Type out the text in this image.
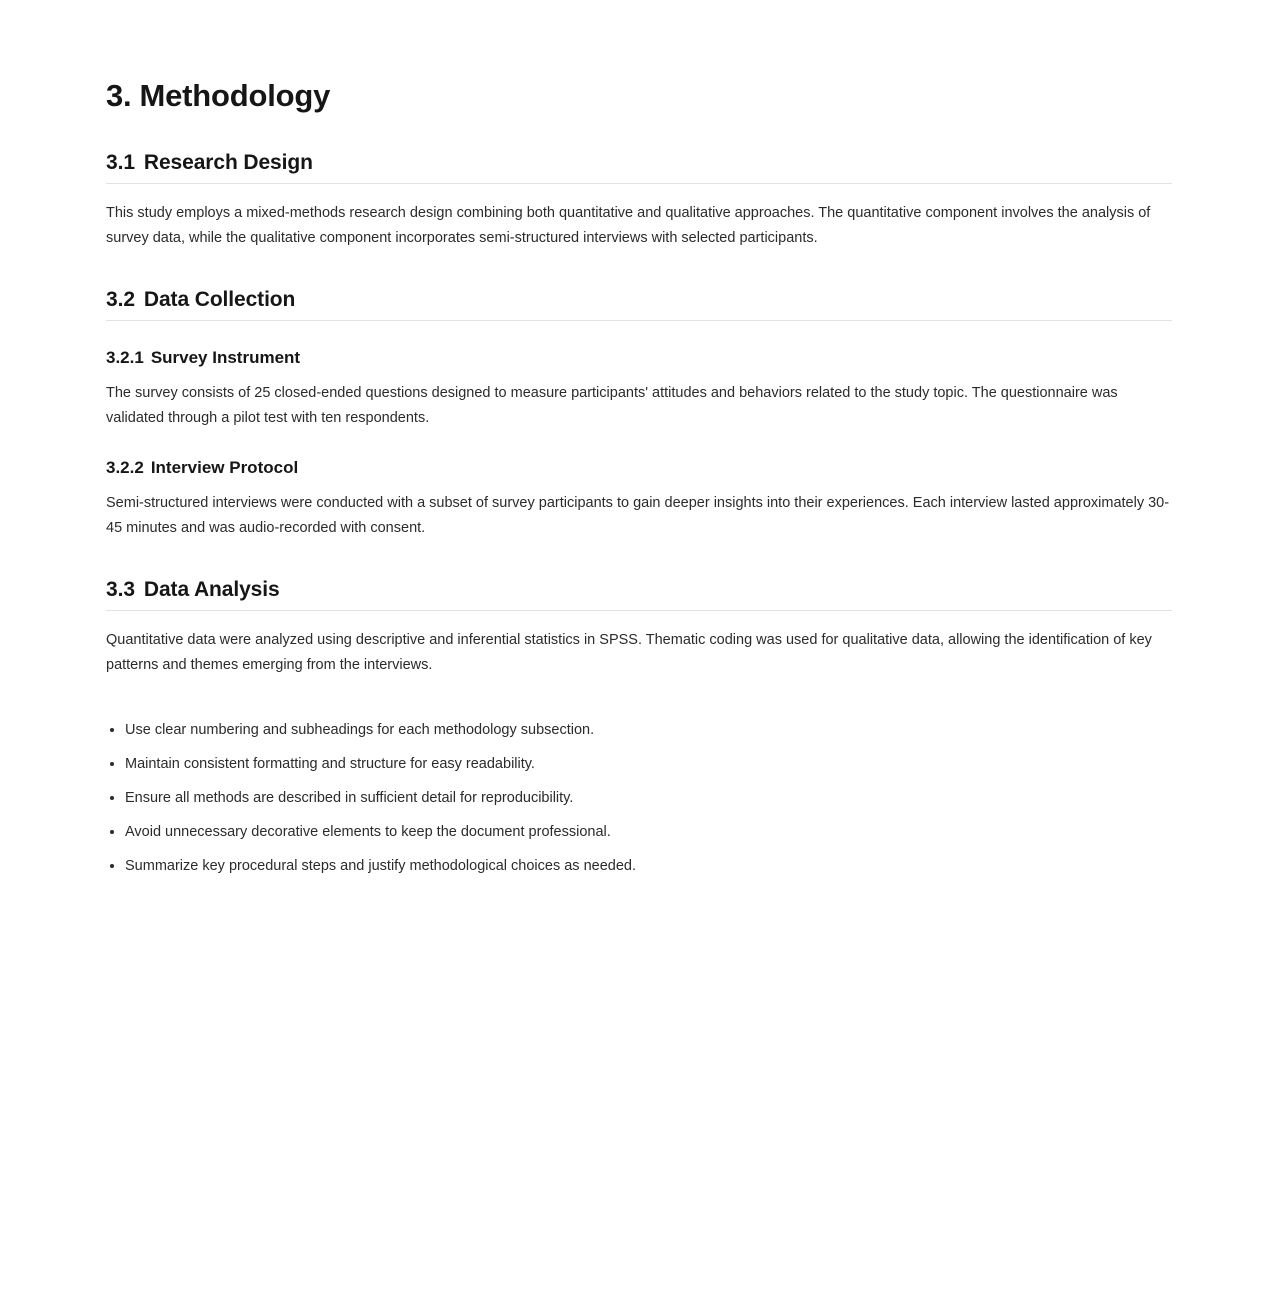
3. Methodology
3.1 Research Design

This study employs a mixed-methods research design combining both quantitative and qualitative approaches. The quantitative component involves the analysis of survey data, while the qualitative component incorporates semi-structured interviews with selected participants.

3.2 Data Collection
3.2.1 Survey Instrument

The survey consists of 25 closed-ended questions designed to measure participants' attitudes and behaviors related to the study topic. The questionnaire was validated through a pilot test with ten respondents.

3.2.2 Interview Protocol

Semi-structured interviews were conducted with a subset of survey participants to gain deeper insights into their experiences. Each interview lasted approximately 30-45 minutes and was audio-recorded with consent.

3.3 Data Analysis

Quantitative data were analyzed using descriptive and inferential statistics in SPSS. Thematic coding was used for qualitative data, allowing the identification of key patterns and themes emerging from the interviews.

• Use clear numbering and subheadings for each methodology subsection.
• Maintain consistent formatting and structure for easy readability.
• Ensure all methods are described in sufficient detail for reproducibility.
• Avoid unnecessary decorative elements to keep the document professional.
• Summarize key procedural steps and justify methodological choices as needed.
